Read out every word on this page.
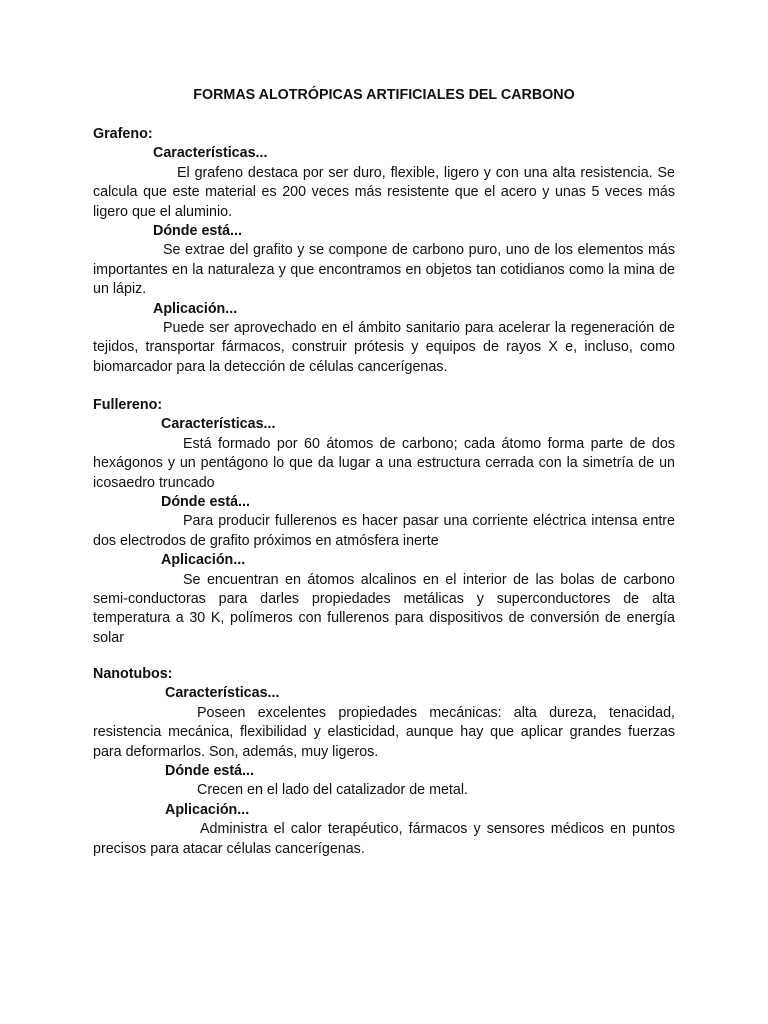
FORMAS ALOTRÓPICAS ARTIFICIALES DEL CARBONO

Grafeno:

Características...

El grafeno destaca por ser duro, flexible, ligero y con una alta resistencia. Se calcula que este material es 200 veces más resistente que el acero y unas 5 veces más ligero que el aluminio.

Dónde está...

Se extrae del grafito y se compone de carbono puro, uno de los elementos más importantes en la naturaleza y que encontramos en objetos tan cotidianos como la mina de un lápiz.

Aplicación...

Puede ser aprovechado en el ámbito sanitario para acelerar la regeneración de tejidos, transportar fármacos, construir prótesis y equipos de rayos X e, incluso, como biomarcador para la detección de células cancerígenas.

Fullereno:

Características...

Está formado por 60 átomos de carbono; cada átomo forma parte de dos hexágonos y un pentágono lo que da lugar a una estructura cerrada con la simetría de un icosaedro truncado

Dónde está...

Para producir fullerenos es hacer pasar una corriente eléctrica intensa entre dos electrodos de grafito próximos en atmósfera inerte

Aplicación...

Se encuentran en átomos alcalinos en el interior de las bolas de carbono semi-conductoras para darles propiedades metálicas y superconductores de alta temperatura a 30 K, polímeros con fullerenos para dispositivos de conversión de energía solar

Nanotubos:

Características...

Poseen excelentes propiedades mecánicas: alta dureza, tenacidad, resistencia mecánica, flexibilidad y elasticidad, aunque hay que aplicar grandes fuerzas para deformarlos. Son, además, muy ligeros.

Dónde está...

Crecen en el lado del catalizador de metal.

Aplicación...

Administra el calor terapéutico, fármacos y sensores médicos en puntos precisos para atacar células cancerígenas.
